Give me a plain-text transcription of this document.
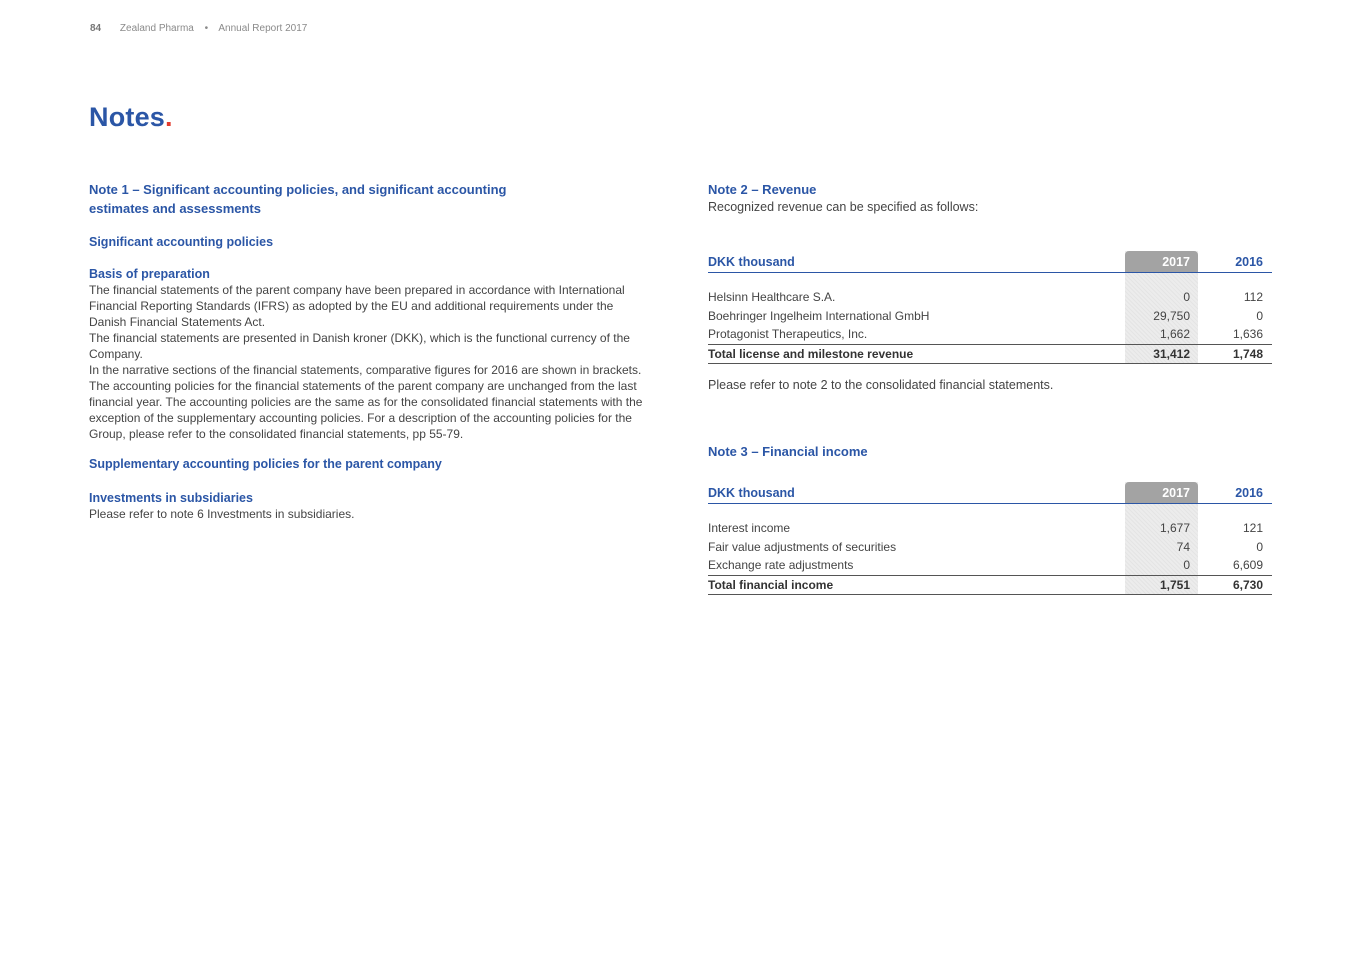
84 Zealand Pharma • Annual Report 2017
Notes.
Note 1 – Significant accounting policies, and significant accounting
estimates and assessments
Significant accounting policies
Basis of preparation

The financial statements of the parent company have been prepared in accordance with International Financial Reporting Standards (IFRS) as adopted by the EU and additional requirements under the Danish Financial Statements Act.

The financial statements are presented in Danish kroner (DKK), which is the functional currency of the Company.

In the narrative sections of the financial statements, comparative figures for 2016 are shown in brackets.

The accounting policies for the financial statements of the parent company are unchanged from the last financial year. The accounting policies are the same as for the consolidated financial statements with the exception of the supplementary accounting policies. For a description of the accounting policies for the Group, please refer to the consolidated financial statements, pp 55-79.

Supplementary accounting policies for the parent company
Investments in subsidiaries

Please refer to note 6 Investments in subsidiaries.

Note 2 – Revenue

Recognized revenue can be specified as follows:

DKK thousand	2017	2016
Helsinn Healthcare S.A.	0	112
Boehringer Ingelheim International GmbH	29,750	0
Protagonist Therapeutics, Inc.	1,662	1,636
Total license and milestone revenue	31,412	1,748

Please refer to note 2 to the consolidated financial statements.

Note 3 – Financial income
DKK thousand	2017	2016
Interest income	1,677	121
Fair value adjustments of securities	74	0
Exchange rate adjustments	0	6,609
Total financial income	1,751	6,730
